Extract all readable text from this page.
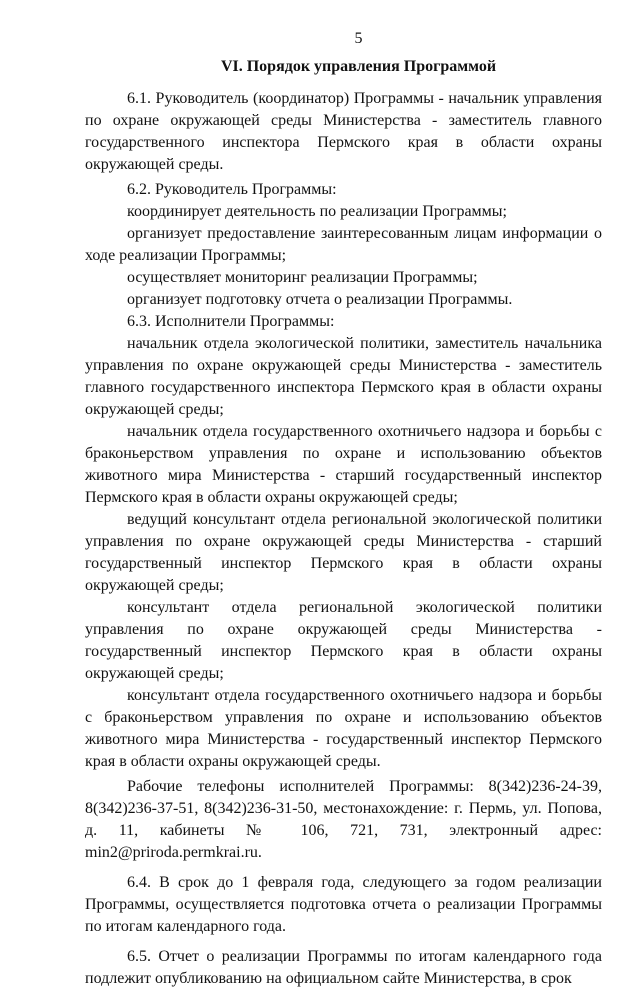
5
VI. Порядок управления Программой

6.1. Руководитель (координатор) Программы - начальник управления по охране окружающей среды Министерства - заместитель главного государственного инспектора Пермского края в области охраны окружающей среды.

6.2. Руководитель Программы:

координирует деятельность по реализации Программы;

организует предоставление заинтересованным лицам информации о ходе реализации Программы;

осуществляет мониторинг реализации Программы;

организует подготовку отчета о реализации Программы.

6.3. Исполнители Программы:

начальник отдела экологической политики, заместитель начальника управления по охране окружающей среды Министерства - заместитель главного государственного инспектора Пермского края в области охраны окружающей среды;

начальник отдела государственного охотничьего надзора и борьбы с браконьерством управления по охране и использованию объектов животного мира Министерства - старший государственный инспектор Пермского края в области охраны окружающей среды;

ведущий консультант отдела региональной экологической политики управления по охране окружающей среды Министерства - старший государственный инспектор Пермского края в области охраны окружающей среды;

консультант отдела региональной экологической политики управления по охране окружающей среды Министерства - государственный инспектор Пермского края в области охраны окружающей среды;

консультант отдела государственного охотничьего надзора и борьбы с браконьерством управления по охране и использованию объектов животного мира Министерства - государственный инспектор Пермского края в области охраны окружающей среды.

Рабочие телефоны исполнителей Программы: 8(342)236-24-39, 8(342)236-37-51, 8(342)236-31-50, местонахождение: г. Пермь, ул. Попова, д. 11, кабинеты № 106, 721, 731, электронный адрес: min2@priroda.permkrai.ru.

6.4. В срок до 1 февраля года, следующего за годом реализации Программы, осуществляется подготовка отчета о реализации Программы по итогам календарного года.

6.5. Отчет о реализации Программы по итогам календарного года подлежит опубликованию на официальном сайте Министерства, в срок
